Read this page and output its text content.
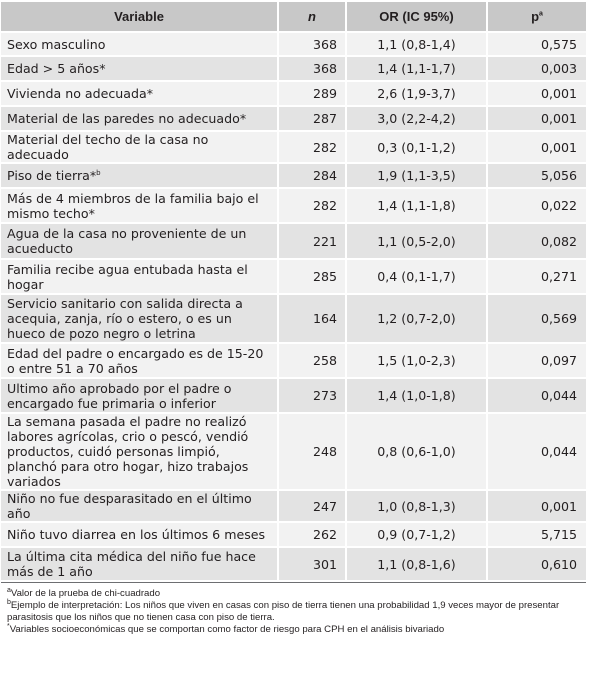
Variable	n	OR (IC 95%)	$p^a$
Sexo masculino	368	1,1 (0,8-1,4)	0,575
Edad > 5 años*	368	1,4 (1,1-1,7)	0,003
Vivienda no adecuada*	289	2,6 (1,9-3,7)	0,001
Material de las paredes no adecuado*	287	3,0 (2,2-4,2)	0,001
Material del techo de la casa no adecuado	282	0,3 (0,1-1,2)	0,001
Piso de tierra*$^b$	284	1,9 (1,1-3,5)	5,056
Más de 4 miembros de la familia bajo el mismo techo*	282	1,4 (1,1-1,8)	0,022
Agua de la casa no proveniente de un acueducto	221	1,1 (0,5-2,0)	0,082
Familia recibe agua entubada hasta el hogar	285	0,4 (0,1-1,7)	0,271
Servicio sanitario con salida directa a acequia, zanja, río o estero, o es un hueco de pozo negro o letrina	164	1,2 (0,7-2,0)	0,569
Edad del padre o encargado es de 15-20 o entre 51 a 70 años	258	1,5 (1,0-2,3)	0,097
Ultimo año aprobado por el padre o encargado fue primaria o inferior	273	1,4 (1,0-1,8)	0,044
La semana pasada el padre no realizó labores agrícolas, crio o pescó, vendió productos, cuidó personas limpió, planchó para otro hogar, hizo trabajos variados	248	0,8 (0,6-1,0)	0,044
Niño no fue desparasitado en el último año	247	1,0 (0,8-1,3)	0,001
Niño tuvo diarrea en los últimos 6 meses	262	0,9 (0,7-1,2)	5,715
La última cita médica del niño fue hace más de 1 año	301	1,1 (0,8-1,6)	0,610
$^a$Valor de la prueba de chi-cuadrado
$^b$Ejemplo de interpretación: Los niños que viven en casas con piso de tierra tienen una probabilidad 1,9 veces mayor de presentar parasitosis que los niños que no tienen casa con piso de tierra.
*Variables socioeconómicas que se comportan como factor de riesgo para CPH en el análisis bivariado
